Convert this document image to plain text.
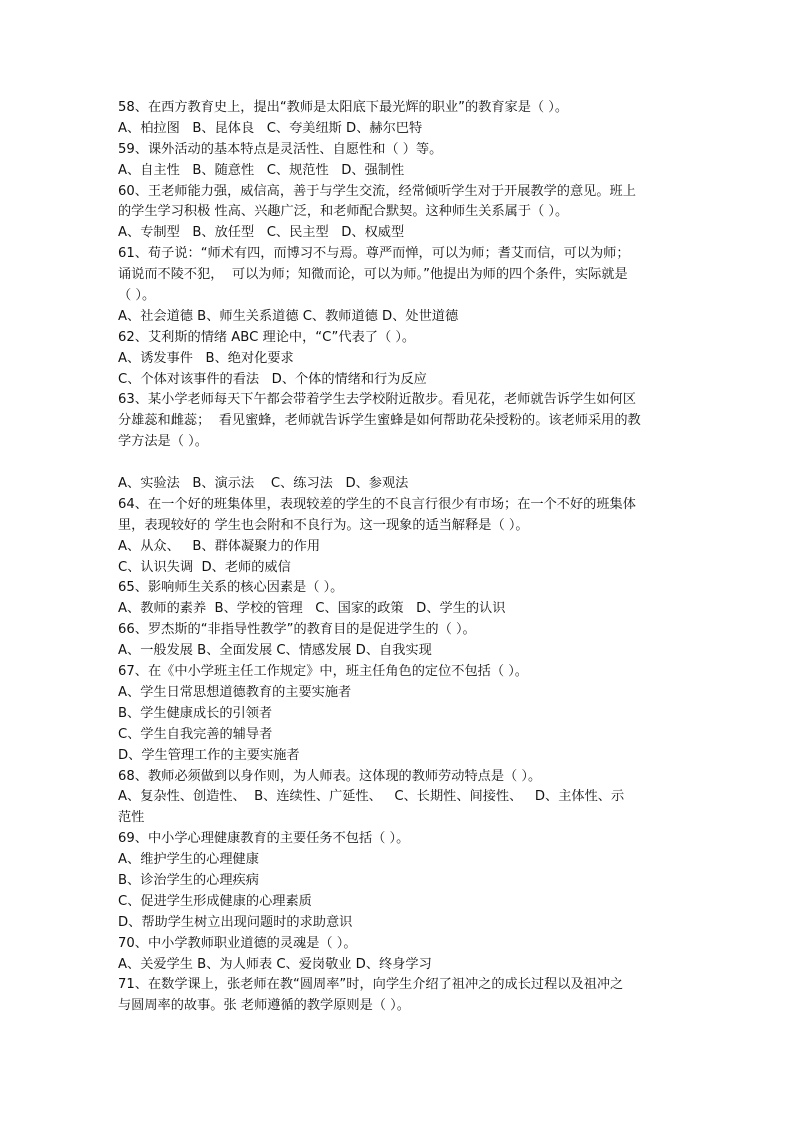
58、在西方教育史上，提出“教师是太阳底下最光辉的职业”的教育家是（ ）。
A、柏拉图   B、昆体良   C、夸美纽斯 D、赫尔巴特
59、课外活动的基本特点是灵活性、自愿性和（ ）等。
A、自主性   B、随意性   C、规范性   D、强制性
60、王老师能力强，威信高，善于与学生交流，经常倾听学生对于开展教学的意见。班上
的学生学习积极 性高、兴趣广泛，和老师配合默契。这种师生关系属于（ ）。
A、专制型   B、放任型   C、民主型   D、权威型
61、荀子说：“师术有四，而博习不与焉。尊严而惮，可以为师；耆艾而信，可以为师；
诵说而不陵不犯，  可以为师；知微而论，可以为师。”他提出为师的四个条件，实际就是
（ ）。
A、社会道德 B、师生关系道德 C、教师道德 D、处世道德
62、艾利斯的情绪 ABC 理论中，“C”代表了（ ）。
A、诱发事件   B、绝对化要求
C、个体对该事件的看法   D、个体的情绪和行为反应
63、某小学老师每天下午都会带着学生去学校附近散步。看见花，老师就告诉学生如何区
分雄蕊和雌蕊；  看见蜜蜂，老师就告诉学生蜜蜂是如何帮助花朵授粉的。该老师采用的教
学方法是（ ）。
A、实验法   B、演示法    C、练习法   D、参观法
64、在一个好的班集体里，表现较差的学生的不良言行很少有市场；在一个不好的班集体
里，表现较好的 学生也会附和不良行为。这一现象的适当解释是（ ）。
A、从众、   B、群体凝聚力的作用
C、认识失调  D、老师的威信
65、影响师生关系的核心因素是（ ）。
A、教师的素养  B、学校的管理   C、国家的政策   D、学生的认识
66、罗杰斯的“非指导性教学”的教育目的是促进学生的（ ）。
A、一般发展 B、全面发展 C、情感发展 D、自我实现
67、在《中小学班主任工作规定》中，班主任角色的定位不包括（ ）。
A、学生日常思想道德教育的主要实施者
B、学生健康成长的引领者
C、学生自我完善的辅导者
D、学生管理工作的主要实施者
68、教师必须做到以身作则，为人师表。这体现的教师劳动特点是（ ）。
A、复杂性、创造性、  B、连续性、广延性、   C、长期性、间接性、   D、主体性、示
范性
69、中小学心理健康教育的主要任务不包括（ ）。
A、维护学生的心理健康
B、诊治学生的心理疾病
C、促进学生形成健康的心理素质
D、帮助学生树立出现问题时的求助意识
70、中小学教师职业道德的灵魂是（ ）。
A、关爱学生 B、为人师表 C、爱岗敬业 D、终身学习
71、在数学课上，张老师在教“圆周率”时，向学生介绍了祖冲之的成长过程以及祖冲之
与圆周率的故事。张 老师遵循的教学原则是（ ）。
